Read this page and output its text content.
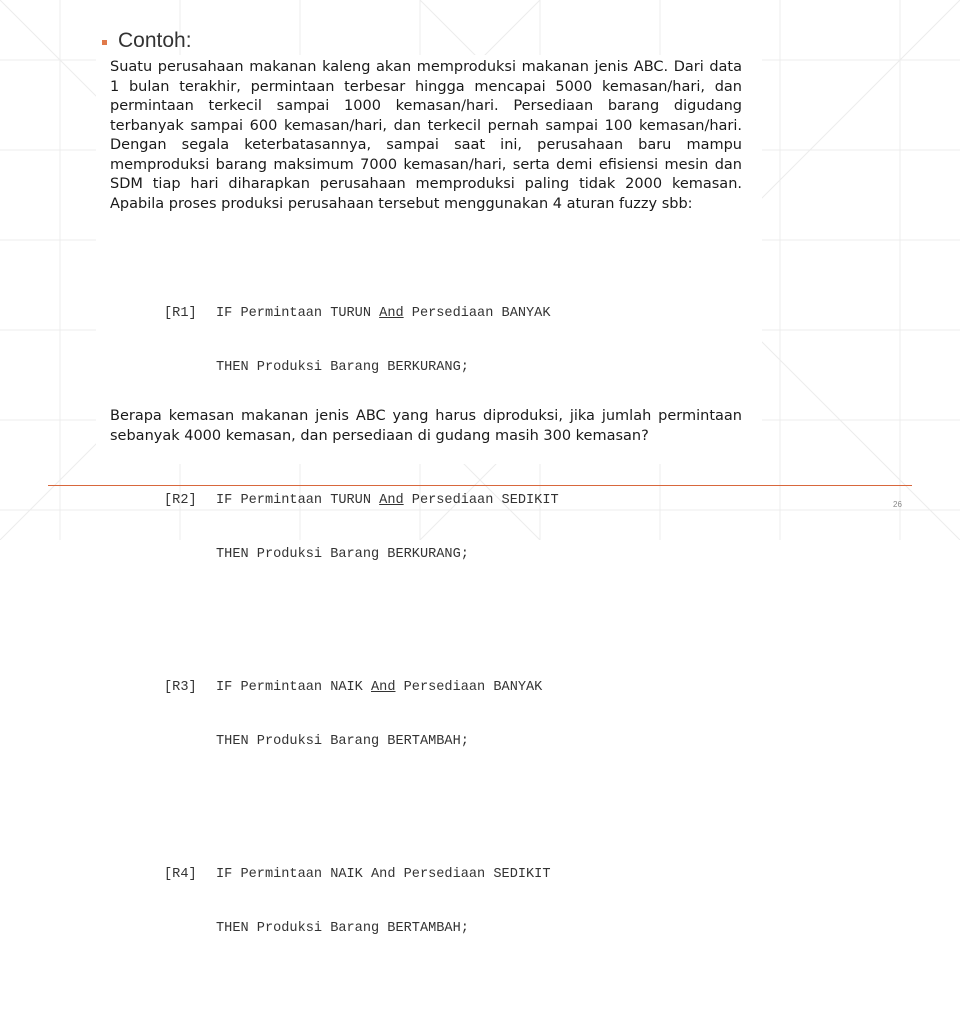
Contoh:
Suatu perusahaan makanan kaleng akan memproduksi makanan jenis ABC. Dari data 1 bulan terakhir, permintaan terbesar hingga mencapai 5000 kemasan/hari, dan permintaan terkecil sampai 1000 kemasan/hari. Persediaan barang digudang terbanyak sampai 600 kemasan/hari, dan terkecil pernah sampai 100 kemasan/hari. Dengan segala keterbatasannya, sampai saat ini, perusahaan baru mampu memproduksi barang maksimum 7000 kemasan/hari, serta demi efisiensi mesin dan SDM tiap hari diharapkan perusahaan memproduksi paling tidak 2000 kemasan. Apabila proses produksi perusahaan tersebut menggunakan 4 aturan fuzzy sbb:

[R1] IF Permintaan TURUN And Persediaan BANYAK

THEN Produksi Barang BERKURANG;

[R2] IF Permintaan TURUN And Persediaan SEDIKIT

THEN Produksi Barang BERKURANG;

[R3] IF Permintaan NAIK And Persediaan BANYAK

THEN Produksi Barang BERTAMBAH;

[R4] IF Permintaan NAIK And Persediaan SEDIKIT

THEN Produksi Barang BERTAMBAH;

Berapa kemasan makanan jenis ABC yang harus diproduksi, jika jumlah permintaan sebanyak 4000 kemasan, dan persediaan di gudang masih 300 kemasan?
26
